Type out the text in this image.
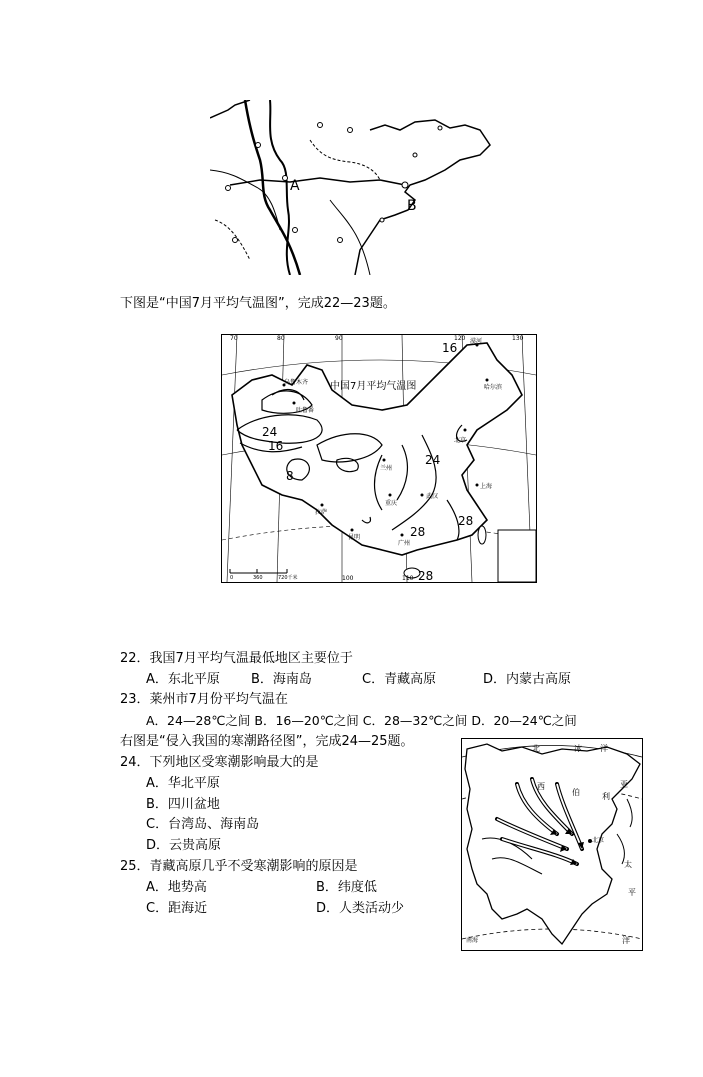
A
B
下图是“中国7月平均气温图”，完成22—23题。
中国7月平均气温图
16
24
16
8
24
28
28
28
70	80	90
100	110
120	130
0	360	720千米
乌鲁木齐
吐鲁番
北京
兰州
武汉
重庆
上海
拉萨
昆明
广州
哈尔滨
漠河
22．我国7月平均气温最低地区主要位于
A．东北平原 B．海南岛	C．青藏高原	D．内蒙古高原
23．莱州市7月份平均气温在
A．24—28℃之间 B．16—20℃之间 C．28—32℃之间 D．20—24℃之间
右图是“侵入我国的寒潮路径图”，完成24—25题。
24．下列地区受寒潮影响最大的是
A．华北平原
B．四川盆地
C．台湾岛、海南岛
D．云贵高原
25．青藏高原几乎不受寒潮影响的原因是
A．地势高	B．纬度低
C．距海近	D．人类活动少
北	冰 洋
西
伯	利
亚
太
平
洋
北京
南海
